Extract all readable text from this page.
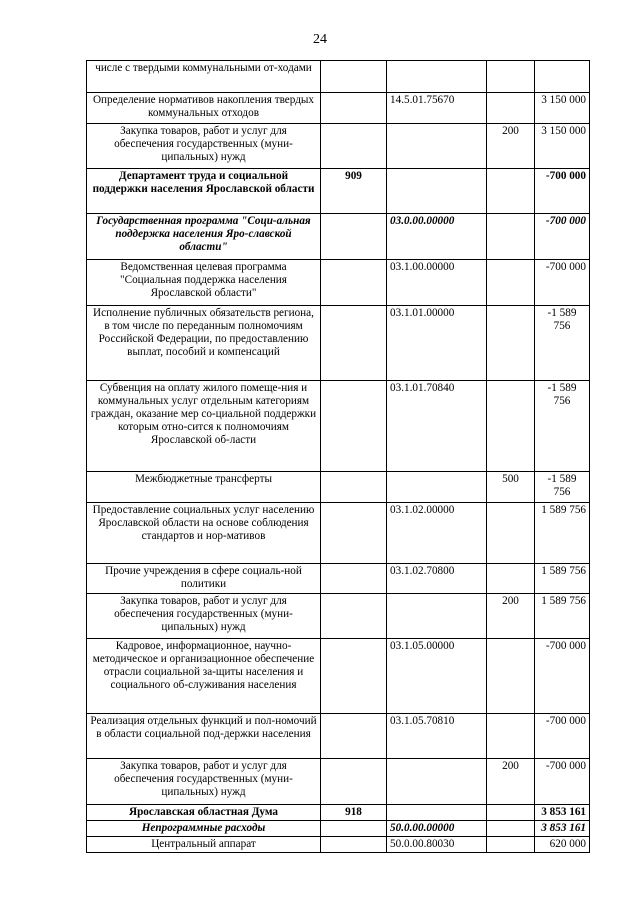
24
числе с твердыми коммунальными от-ходами				
Определение нормативов накопления твердых коммунальных отходов		14.5.01.75670		3 150 000
Закупка товаров, работ и услуг для обеспечения государственных (муни-ципальных) нужд			200	3 150 000
Департамент труда и социальной поддержки населения Ярославской области	909			-700 000
Государственная программа "Соци-альная поддержка населения Яро-славской области"		03.0.00.00000		-700 000
Ведомственная целевая программа "Социальная поддержка населения Ярославской области"		03.1.00.00000		-700 000
Исполнение публичных обязательств региона, в том числе по переданным полномочиям Российской Федерации, по предоставлению выплат, пособий и компенсаций		03.1.01.00000		-1 589 756
Субвенция на оплату жилого помеще-ния и коммунальных услуг отдельным категориям граждан, оказание мер со-циальной поддержки которым отно-сится к полномочиям Ярославской об-ласти		03.1.01.70840		-1 589 756
Межбюджетные трансферты			500	-1 589 756
Предоставление социальных услуг населению Ярославской области на основе соблюдения стандартов и нор-мативов		03.1.02.00000		1 589 756
Прочие учреждения в сфере социаль-ной политики		03.1.02.70800		1 589 756
Закупка товаров, работ и услуг для обеспечения государственных (муни-ципальных) нужд			200	1 589 756
Кадровое, информационное, научно-методическое и организационное обеспечение отрасли социальной за-щиты населения и социального об-служивания населения		03.1.05.00000		-700 000
Реализация отдельных функций и пол-номочий в области социальной под-держки населения		03.1.05.70810		-700 000
Закупка товаров, работ и услуг для обеспечения государственных (муни-ципальных) нужд			200	-700 000
Ярославская областная Дума	918			3 853 161
Непрограммные расходы		50.0.00.00000		3 853 161
Центральный аппарат		50.0.00.80030		620 000
